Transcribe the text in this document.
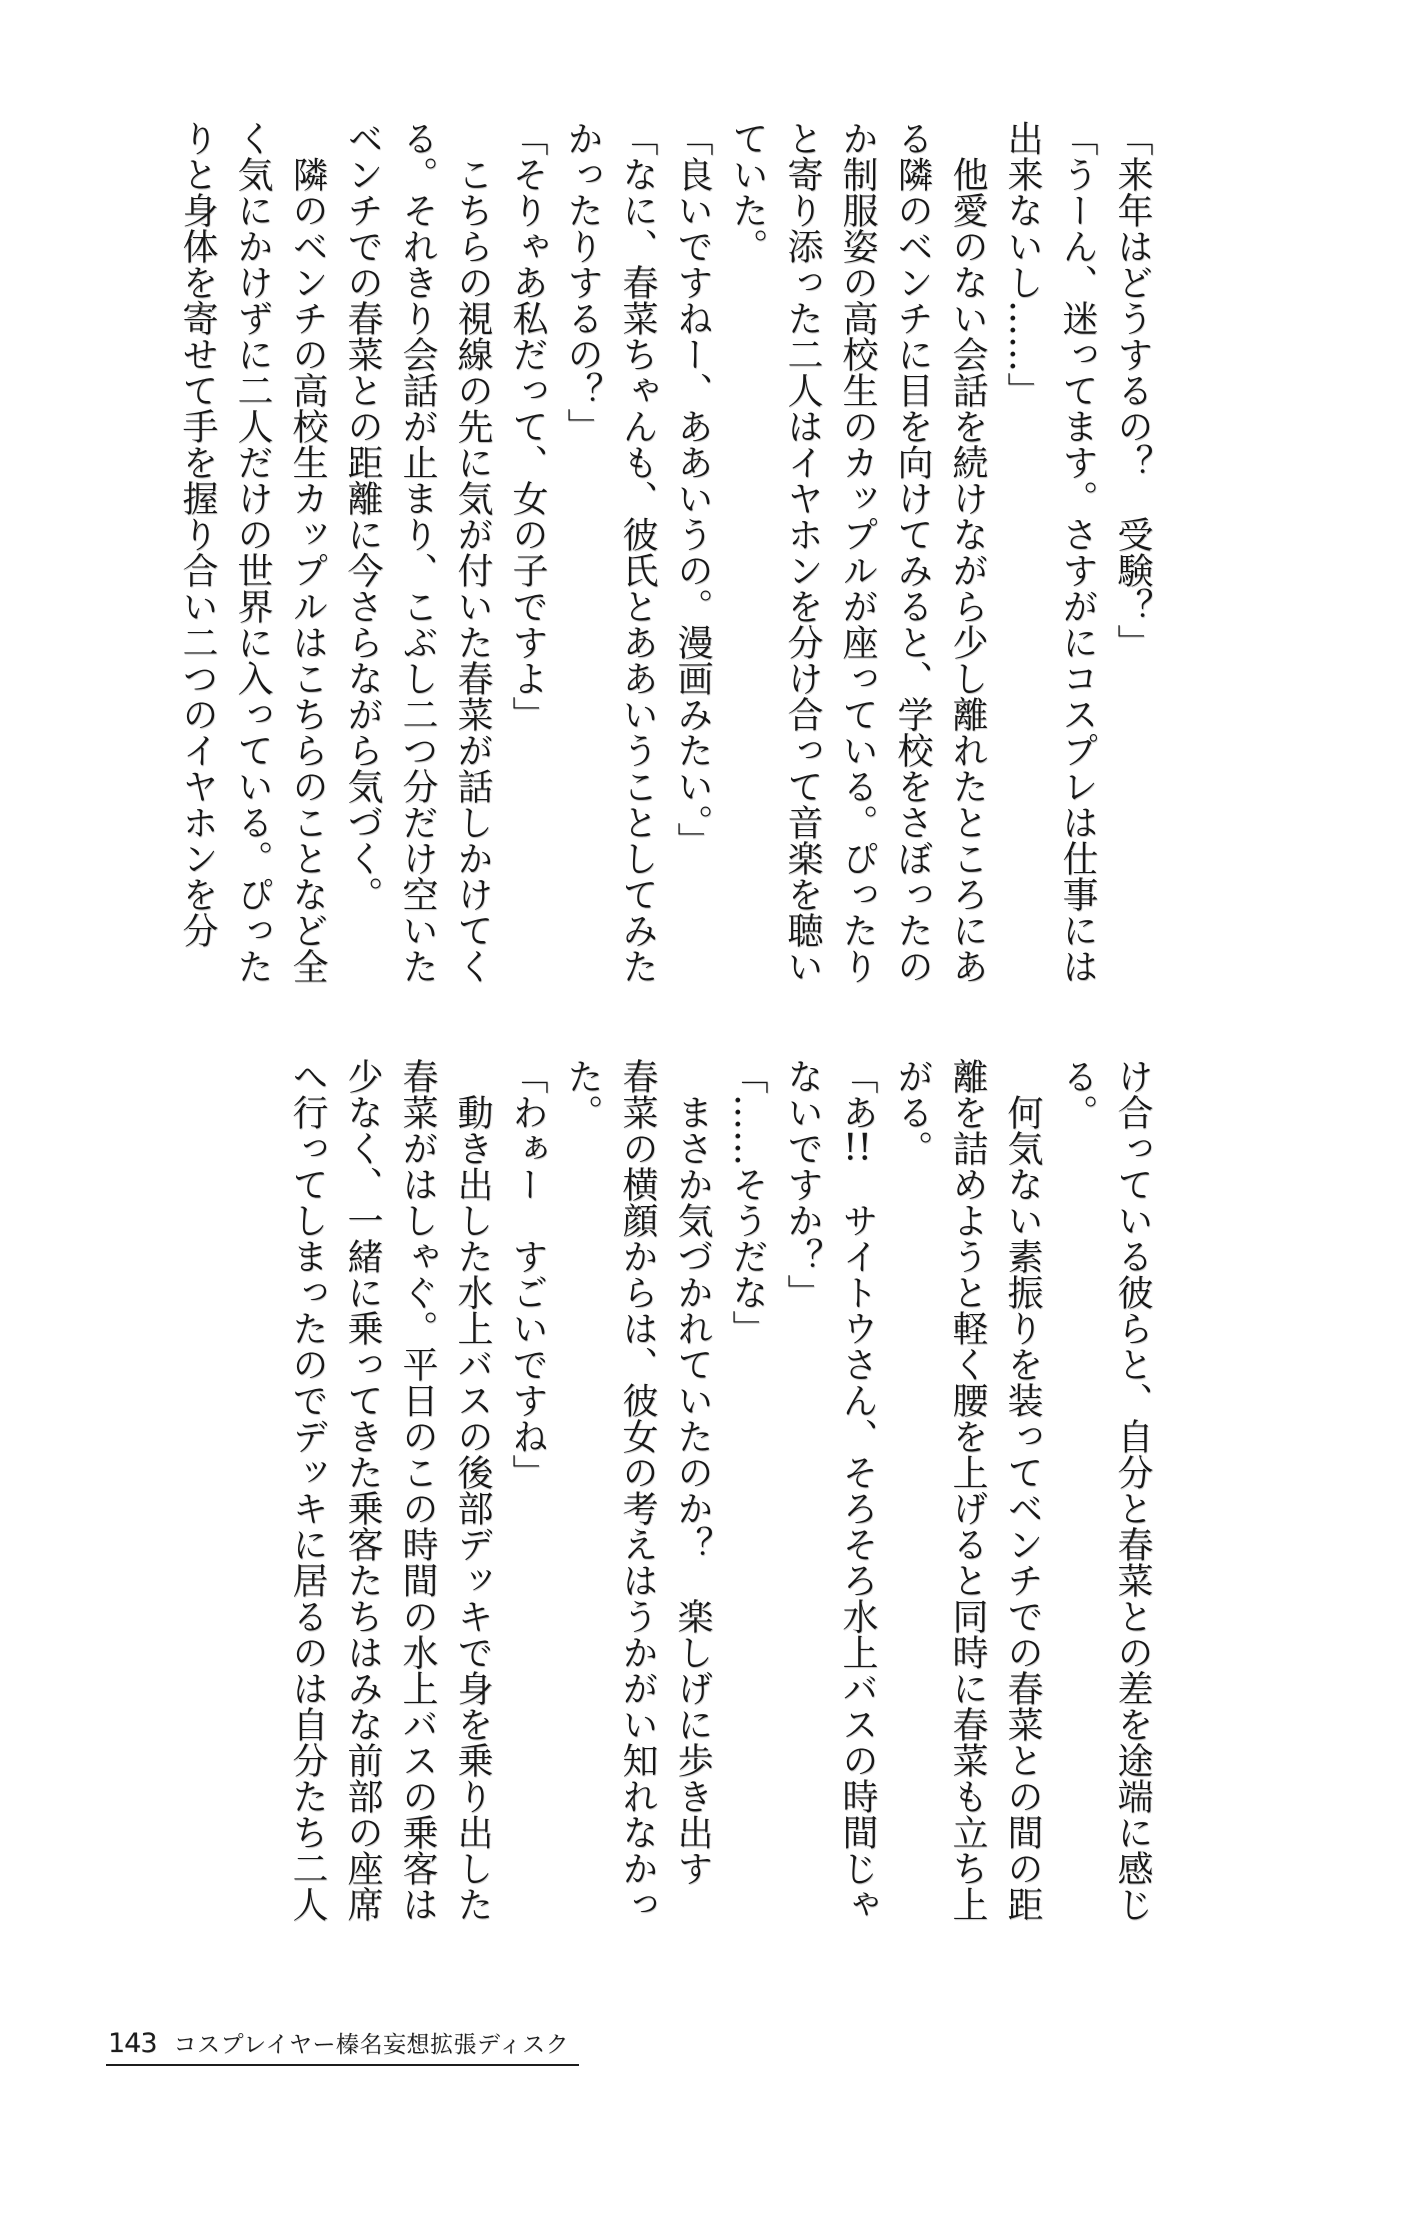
「来年はどうするの？　受験？」

「うーん、迷ってます。さすがにコスプレは仕事には

出来ないし……」

　他愛のない会話を続けながら少し離れたところにあ

る隣のベンチに目を向けてみると、学校をさぼったの

か制服姿の高校生のカップルが座っている。ぴったり

と寄り添った二人はイヤホンを分け合って音楽を聴い

ていた。

「良いですねー、ああいうの。漫画みたい。」

「なに、春菜ちゃんも、彼氏とああいうことしてみた

かったりするの？」

「そりゃあ私だって、女の子ですよ」

　こちらの視線の先に気が付いた春菜が話しかけてく

る。それきり会話が止まり、こぶし二つ分だけ空いた

ベンチでの春菜との距離に今さらながら気づく。

　隣のベンチの高校生カップルはこちらのことなど全

く気にかけずに二人だけの世界に入っている。ぴった

りと身体を寄せて手を握り合い二つのイヤホンを分

け合っている彼らと、自分と春菜との差を途端に感じ

る。

　何気ない素振りを装ってベンチでの春菜との間の距

離を詰めようと軽く腰を上げると同時に春菜も立ち上

がる。

「あ!!　サイトウさん、そろそろ水上バスの時間じゃ

ないですか？」

「……そうだな」

　まさか気づかれていたのか？　楽しげに歩き出す

春菜の横顔からは、彼女の考えはうかがい知れなかっ

た。

「わぁー　すごいですね」

　動き出した水上バスの後部デッキで身を乗り出した

春菜がはしゃぐ。平日のこの時間の水上バスの乗客は

少なく、一緒に乗ってきた乗客たちはみな前部の座席

へ行ってしまったのでデッキに居るのは自分たち二人

143 コスプレイヤー榛名妄想拡張ディスク
